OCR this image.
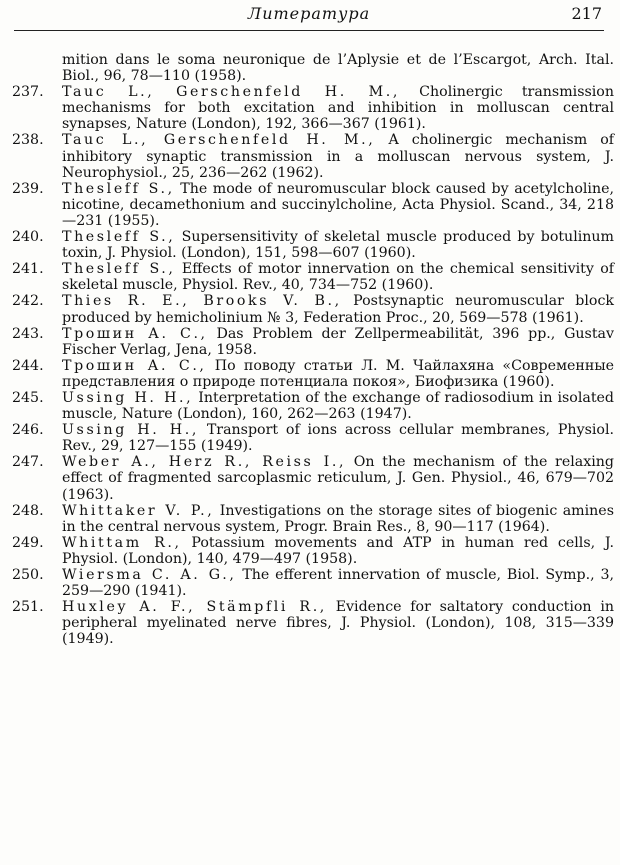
Литература	217

mition dans le soma neuronique de l’Aplysie et de l’Escargot, Arch. Ital. Biol., 96, 78—110 (1958).

237. Tauc L., Gerschenfeld H. M., Cholinergic transmission mechanisms for both excitation and inhibition in molluscan central synapses, Nature (London), 192, 366—367 (1961).

238. Tauc L., Gerschenfeld H. M., A cholinergic mechanism of inhibitory synaptic transmission in a molluscan nervous system, J. Neurophysiol., 25, 236—262 (1962).

239. Thesleff S., The mode of neuromuscular block caused by acetylcholine, nicotine, decamethonium and succinylcholine, Acta Physiol. Scand., 34, 218—231 (1955).

240. Thesleff S., Supersensitivity of skeletal muscle produced by botulinum toxin, J. Physiol. (London), 151, 598—607 (1960).

241. Thesleff S., Effects of motor innervation on the chemical sensitivity of skeletal muscle, Physiol. Rev., 40, 734—752 (1960).

242. Thies R. E., Brooks V. B., Postsynaptic neuromuscular block produced by hemicholinium № 3, Federation Proc., 20, 569—578 (1961).

243. Трошин А. С., Das Problem der Zellpermeabilität, 396 pp., Gustav Fischer Verlag, Jena, 1958.

244. Трошин А. С., По поводу статьи Л. М. Чайлахяна «Современные представления о природе потенциала покоя», Биофизика (1960).

245. Ussing H. H., Interpretation of the exchange of radiosodium in isolated muscle, Nature (London), 160, 262—263 (1947).

246. Ussing H. H., Transport of ions across cellular membranes, Physiol. Rev., 29, 127—155 (1949).

247. Weber A., Herz R., Reiss I., On the mechanism of the relaxing effect of fragmented sarcoplasmic reticulum, J. Gen. Physiol., 46, 679—702 (1963).

248. Whittaker V. P., Investigations on the storage sites of biogenic amines in the central nervous system, Progr. Brain Res., 8, 90—117 (1964).

249. Whittam R., Potassium movements and ATP in human red cells, J. Physiol. (London), 140, 479—497 (1958).

250. Wiersma C. A. G., The efferent innervation of muscle, Biol. Symp., 3, 259—290 (1941).

251. Huxley A. F., Stämpfli R., Evidence for saltatory conduction in peripheral myelinated nerve fibres, J. Physiol. (London), 108, 315—339 (1949).
